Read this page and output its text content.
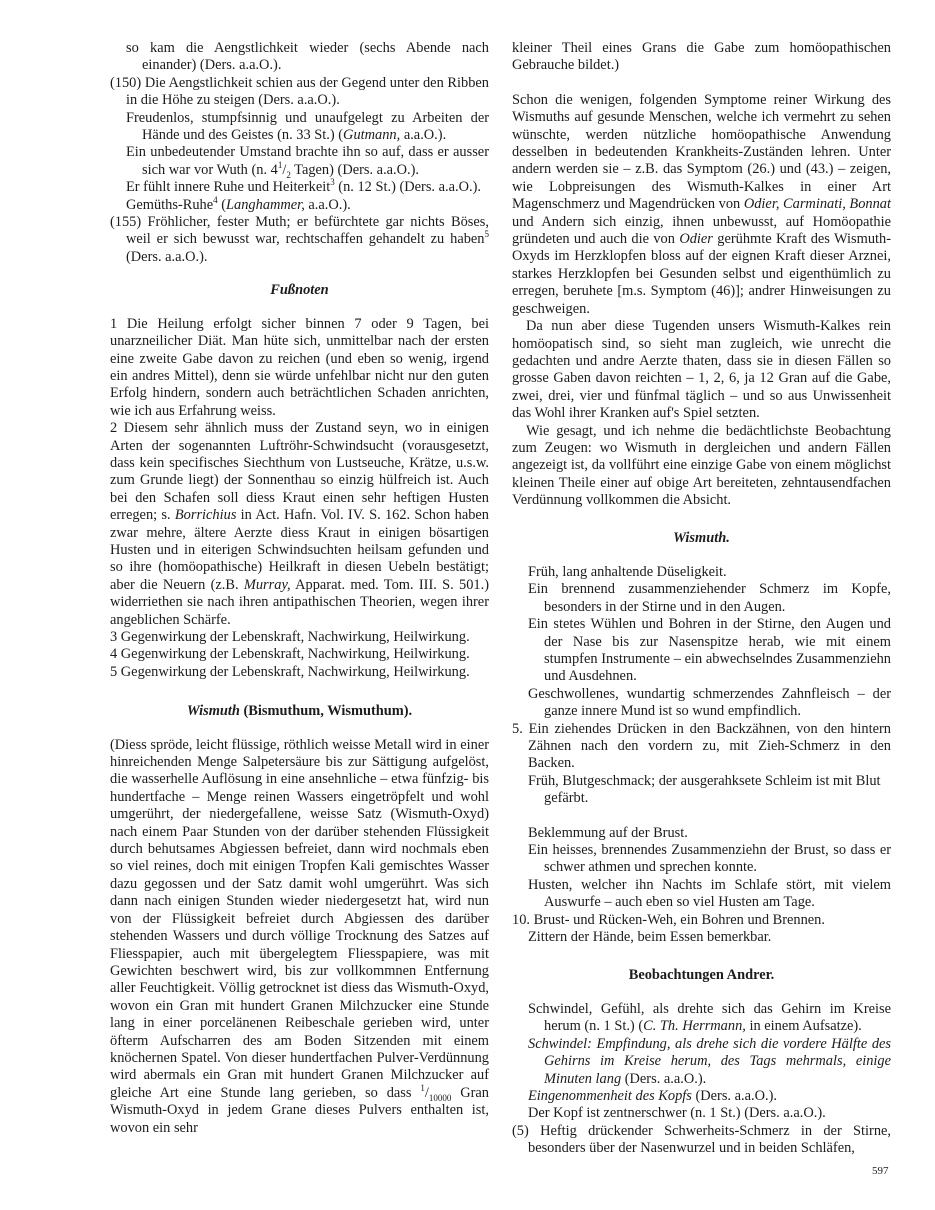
so kam die Aengstlichkeit wieder (sechs Abende nach einander) (Ders. a.a.O.).

(150) Die Aengstlichkeit schien aus der Gegend unter den Ribben in die Höhe zu steigen (Ders. a.a.O.).

Freudenlos, stumpfsinnig und unaufgelegt zu Arbeiten der Hände und des Geistes (n. 33 St.) (Gutmann, a.a.O.).

Ein unbedeutender Umstand brachte ihn so auf, dass er ausser sich war vor Wuth (n. $4^1/_2$ Tagen) (Ders. a.a.O.).

Er fühlt innere Ruhe und Heiterkeit$^3$ (n. 12 St.) (Ders. a.a.O.).

Gemüths-Ruhe$^4$ (Langhammer, a.a.O.).

(155) Fröhlicher, fester Muth; er befürchtete gar nichts Böses, weil er sich bewusst war, rechtschaffen gehandelt zu haben$^5$ (Ders. a.a.O.).

Fußnoten

1 Die Heilung erfolgt sicher binnen 7 oder 9 Tagen, bei unarzneilicher Diät. Man hüte sich, unmittelbar nach der ersten eine zweite Gabe davon zu reichen (und eben so wenig, irgend ein andres Mittel), denn sie würde unfehlbar nicht nur den guten Erfolg hindern, sondern auch beträchtlichen Schaden anrichten, wie ich aus Erfahrung weiss.

2 Diesem sehr ähnlich muss der Zustand seyn, wo in einigen Arten der sogenannten Luftröhr-Schwindsucht (vorausgesetzt, dass kein specifisches Siechthum von Lustseuche, Krätze, u.s.w. zum Grunde liegt) der Sonnenthau so einzig hülfreich ist. Auch bei den Schafen soll diess Kraut einen sehr heftigen Husten erregen; s. Borrichius in Act. Hafn. Vol. IV. S. 162. Schon haben zwar mehre, ältere Aerzte diess Kraut in einigen bösartigen Husten und in eiterigen Schwindsuchten heilsam gefunden und so ihre (homöopathische) Heilkraft in diesen Uebeln bestätigt; aber die Neuern (z.B. Murray, Apparat. med. Tom. III. S. 501.) widerriethen sie nach ihren antipathischen Theorien, wegen ihrer angeblichen Schärfe.

3 Gegenwirkung der Lebenskraft, Nachwirkung, Heilwirkung.

4 Gegenwirkung der Lebenskraft, Nachwirkung, Heilwirkung.

5 Gegenwirkung der Lebenskraft, Nachwirkung, Heilwirkung.

Wismuth (Bismuthum, Wismuthum).

(Diess spröde, leicht flüssige, röthlich weisse Metall wird in einer hinreichenden Menge Salpetersäure bis zur Sättigung aufgelöst, die wasserhelle Auflösung in eine ansehnliche – etwa fünfzig- bis hundertfache – Menge reinen Wassers eingetröpfelt und wohl umgerührt, der niedergefallene, weisse Satz (Wismuth-Oxyd) nach einem Paar Stunden von der darüber stehenden Flüssigkeit durch behutsames Abgiessen befreiet, dann wird nochmals eben so viel reines, doch mit einigen Tropfen Kali gemischtes Wasser dazu gegossen und der Satz damit wohl umgerührt. Was sich dann nach einigen Stunden wieder niedergesetzt hat, wird nun von der Flüssigkeit befreiet durch Abgiessen des darüber stehenden Wassers und durch völlige Trocknung des Satzes auf Fliesspapier, auch mit übergelegtem Fliesspapiere, was mit Gewichten beschwert wird, bis zur vollkommnen Entfernung aller Feuchtigkeit. Völlig getrocknet ist diess das Wismuth-Oxyd, wovon ein Gran mit hundert Granen Milchzucker eine Stunde lang in einer porcelänenen Reibeschale gerieben wird, unter öfterm Aufscharren des am Boden Sitzenden mit einem knöchernen Spatel. Von dieser hundertfachen Pulver-Verdünnung wird abermals ein Gran mit hundert Granen Milchzucker auf gleiche Art eine Stunde lang gerieben, so dass $^1/_{10000}$ Gran Wismuth-Oxyd in jedem Grane dieses Pulvers enthalten ist, wovon ein sehr

kleiner Theil eines Grans die Gabe zum homöopathischen Gebrauche bildet.)

Schon die wenigen, folgenden Symptome reiner Wirkung des Wismuths auf gesunde Menschen, welche ich vermehrt zu sehen wünschte, werden nützliche homöopathische Anwendung desselben in bedeutenden Krankheits-Zuständen lehren. Unter andern werden sie – z.B. das Symptom (26.) und (43.) – zeigen, wie Lobpreisungen des Wismuth-Kalkes in einer Art Magenschmerz und Magendrücken von Odier, Carminati, Bonnat und Andern sich einzig, ihnen unbewusst, auf Homöopathie gründeten und auch die von Odier gerühmte Kraft des Wismuth-Oxyds im Herzklopfen bloss auf der eignen Kraft dieser Arznei, starkes Herzklopfen bei Gesunden selbst und eigenthümlich zu erregen, beruhete [m.s. Symptom (46)]; andrer Hinweisungen zu geschweigen.

Da nun aber diese Tugenden unsers Wismuth-Kalkes rein homöopatisch sind, so sieht man zugleich, wie unrecht die gedachten und andre Aerzte thaten, dass sie in diesen Fällen so grosse Gaben davon reichten – 1, 2, 6, ja 12 Gran auf die Gabe, zwei, drei, vier und fünfmal täglich – und so aus Unwissenheit das Wohl ihrer Kranken auf's Spiel setzten.

Wie gesagt, und ich nehme die bedächtlichste Beobachtung zum Zeugen: wo Wismuth in dergleichen und andern Fällen angezeigt ist, da vollführt eine einzige Gabe von einem möglichst kleinen Theile einer auf obige Art bereiteten, zehntausendfachen Verdünnung vollkommen die Absicht.

Wismuth.

Früh, lang anhaltende Düseligkeit.

Ein brennend zusammenziehender Schmerz im Kopfe, besonders in der Stirne und in den Augen.

Ein stetes Wühlen und Bohren in der Stirne, den Augen und der Nase bis zur Nasenspitze herab, wie mit einem stumpfen Instrumente – ein abwechselndes Zusammenziehn und Ausdehnen.

Geschwollenes, wundartig schmerzendes Zahnfleisch – der ganze innere Mund ist so wund empfindlich.

5. Ein ziehendes Drücken in den Backzähnen, von den hintern Zähnen nach den vordern zu, mit Zieh-Schmerz in den Backen.

Früh, Blutgeschmack; der ausgerahksete Schleim ist mit Blut gefärbt.

Beklemmung auf der Brust.

Ein heisses, brennendes Zusammenziehn der Brust, so dass er schwer athmen und sprechen konnte.

Husten, welcher ihn Nachts im Schlafe stört, mit vielem Auswurfe – auch eben so viel Husten am Tage.

10. Brust- und Rücken-Weh, ein Bohren und Brennen.

Zittern der Hände, beim Essen bemerkbar.

Beobachtungen Andrer.

Schwindel, Gefühl, als drehte sich das Gehirn im Kreise herum (n. 1 St.) (C. Th. Herrmann, in einem Aufsatze).

Schwindel: Empfindung, als drehe sich die vordere Hälfte des Gehirns im Kreise herum, des Tags mehrmals, einige Minuten lang (Ders. a.a.O.).

Eingenommenheit des Kopfs (Ders. a.a.O.).

Der Kopf ist zentnerschwer (n. 1 St.) (Ders. a.a.O.).

(5) Heftig drückender Schwerheits-Schmerz in der Stirne, besonders über der Nasenwurzel und in beiden Schläfen,

597
